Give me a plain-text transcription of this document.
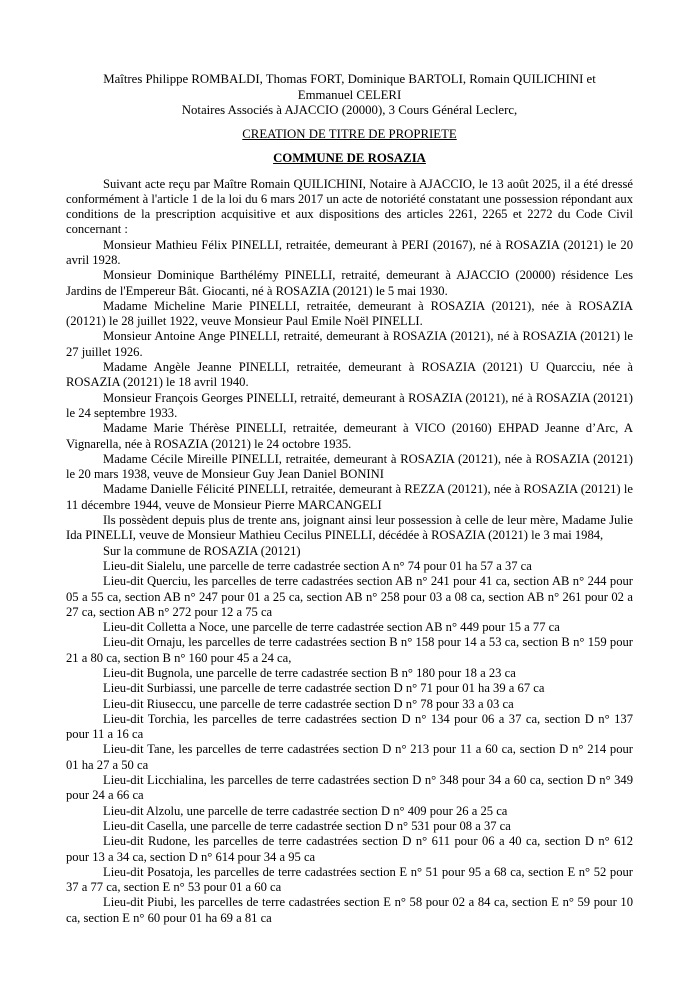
Maîtres Philippe ROMBALDI, Thomas FORT, Dominique BARTOLI, Romain QUILICHINI et

Emmanuel CELERI

Notaires Associés à AJACCIO (20000), 3 Cours Général Leclerc,

CREATION DE TITRE DE PROPRIETE

COMMUNE DE ROSAZIA

Suivant acte reçu par Maître Romain QUILICHINI, Notaire à AJACCIO, le 13 août 2025, il a été dressé conformément à l'article 1 de la loi du 6 mars 2017 un acte de notoriété constatant une possession répondant aux conditions de la prescription acquisitive et aux dispositions des articles 2261, 2265 et 2272 du Code Civil concernant :

Monsieur Mathieu Félix PINELLI, retraitée, demeurant à PERI (20167), né à ROSAZIA (20121) le 20 avril 1928.

Monsieur Dominique Barthélémy PINELLI, retraité, demeurant à AJACCIO (20000) résidence Les Jardins de l'Empereur Bât. Giocanti, né à ROSAZIA (20121) le 5 mai 1930.

Madame Micheline Marie PINELLI, retraitée, demeurant à ROSAZIA (20121), née à ROSAZIA (20121) le 28 juillet 1922, veuve Monsieur Paul Emile Noël PINELLI.

Monsieur Antoine Ange PINELLI, retraité, demeurant à ROSAZIA (20121), né à ROSAZIA (20121) le 27 juillet 1926.

Madame Angèle Jeanne PINELLI, retraitée, demeurant à ROSAZIA (20121) U Quarcciu, née à ROSAZIA (20121) le 18 avril 1940.

Monsieur François Georges PINELLI, retraité, demeurant à ROSAZIA (20121), né à ROSAZIA (20121) le 24 septembre 1933.

Madame Marie Thérèse PINELLI, retraitée, demeurant à VICO (20160) EHPAD Jeanne d’Arc, A Vignarella, née à ROSAZIA (20121) le 24 octobre 1935.

Madame Cécile Mireille PINELLI, retraitée, demeurant à ROSAZIA (20121), née à ROSAZIA (20121) le 20 mars 1938, veuve de Monsieur Guy Jean Daniel BONINI

Madame Danielle Félicité PINELLI, retraitée, demeurant à REZZA (20121), née à ROSAZIA (20121) le 11 décembre 1944, veuve de Monsieur Pierre MARCANGELI

Ils possèdent depuis plus de trente ans, joignant ainsi leur possession à celle de leur mère, Madame Julie Ida PINELLI, veuve de Monsieur Mathieu Cecilus PINELLI, décédée à ROSAZIA (20121) le 3 mai 1984,

Sur la commune de ROSAZIA (20121)

Lieu-dit Sialelu, une parcelle de terre cadastrée section A n° 74 pour 01 ha 57 a 37 ca

Lieu-dit Querciu, les parcelles de terre cadastrées section AB n° 241 pour 41 ca, section AB n° 244 pour 05 a 55 ca, section AB n° 247 pour 01 a 25 ca, section AB n° 258 pour 03 a 08 ca, section AB n° 261 pour 02 a 27 ca, section AB n° 272 pour 12 a 75 ca

Lieu-dit Colletta a Noce, une parcelle de terre cadastrée section AB n° 449 pour 15 a 77 ca

Lieu-dit Ornaju, les parcelles de terre cadastrées section B n° 158 pour 14 a 53 ca, section B n° 159 pour 21 a 80 ca, section B n° 160 pour 45 a 24 ca,

Lieu-dit Bugnola, une parcelle de terre cadastrée section B n° 180 pour 18 a 23 ca

Lieu-dit Surbiassi, une parcelle de terre cadastrée section D n° 71 pour 01 ha 39 a 67 ca

Lieu-dit Riuseccu, une parcelle de terre cadastrée section D n° 78 pour 33 a 03 ca

Lieu-dit Torchia, les parcelles de terre cadastrées section D n° 134 pour 06 a 37 ca, section D n° 137 pour 11 a 16 ca

Lieu-dit Tane, les parcelles de terre cadastrées section D n° 213 pour 11 a 60 ca, section D n° 214 pour 01 ha 27 a 50 ca

Lieu-dit Licchialina, les parcelles de terre cadastrées section D n° 348 pour 34 a 60 ca, section D n° 349 pour 24 a 66 ca

Lieu-dit Alzolu, une parcelle de terre cadastrée section D n° 409 pour 26 a 25 ca

Lieu-dit Casella, une parcelle de terre cadastrée section D n° 531 pour 08 a 37 ca

Lieu-dit Rudone, les parcelles de terre cadastrées section D n° 611 pour 06 a 40 ca, section D n° 612 pour 13 a 34 ca, section D n° 614 pour 34 a 95 ca

Lieu-dit Posatoja, les parcelles de terre cadastrées section E n° 51 pour 95 a 68 ca, section E n° 52 pour 37 a 77 ca, section E n° 53 pour 01 a 60 ca

Lieu-dit Piubi, les parcelles de terre cadastrées section E n° 58 pour 02 a 84 ca, section E n° 59 pour 10 ca, section E n° 60 pour 01 ha 69 a 81 ca
